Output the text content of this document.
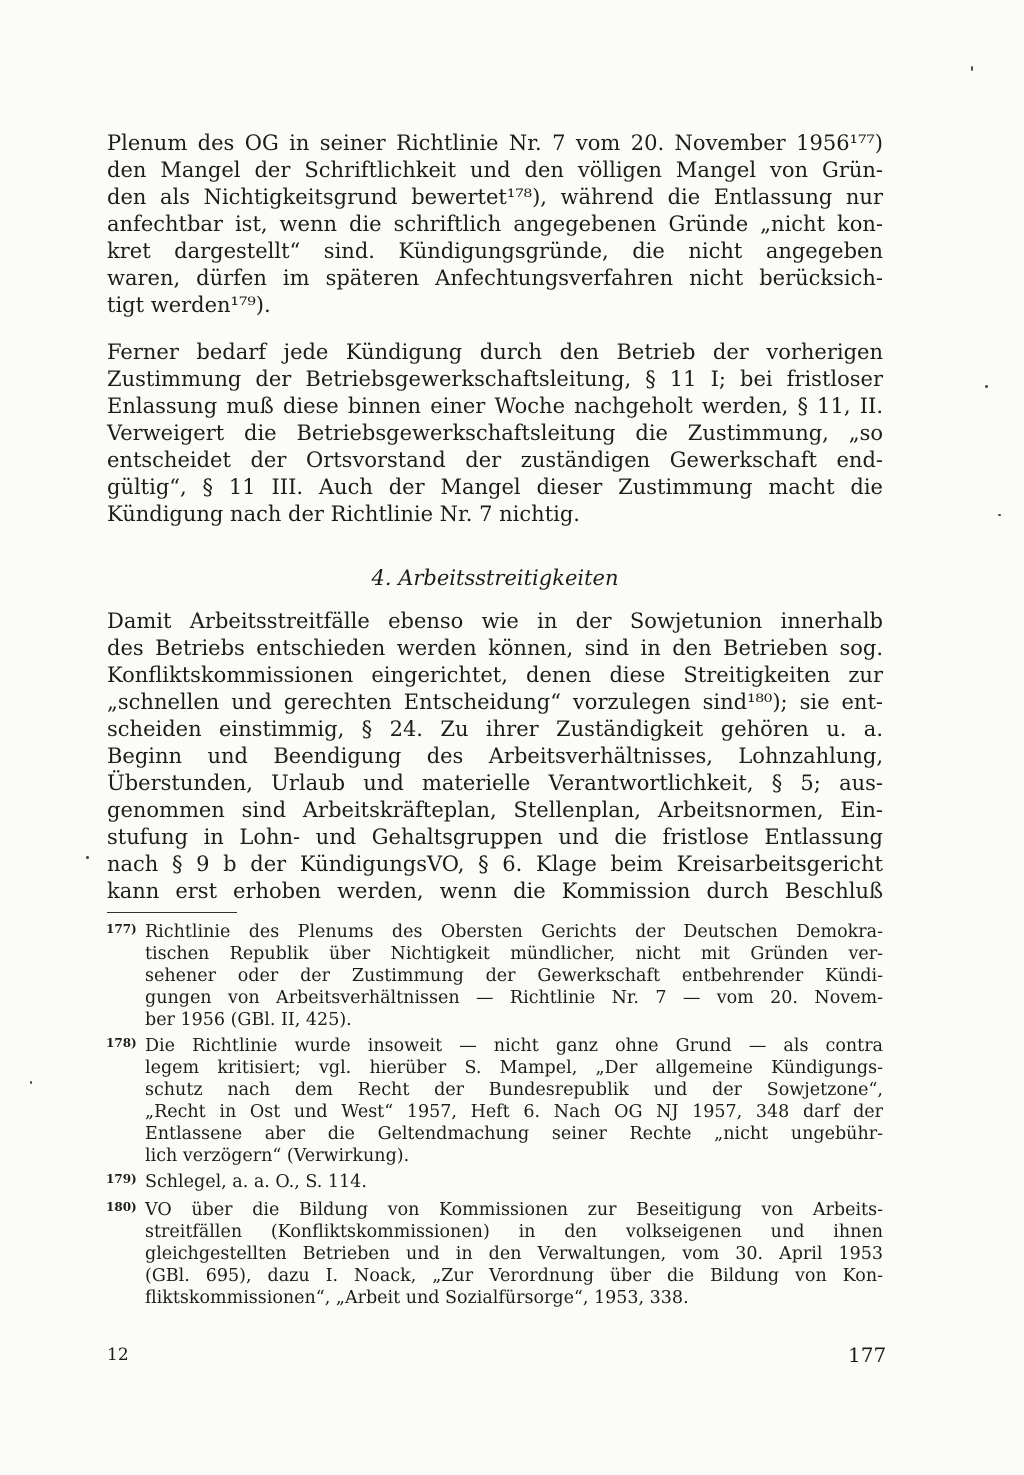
Plenum des OG in seiner Richtlinie Nr. 7 vom 20. November 1956¹⁷⁷)
den Mangel der Schriftlichkeit und den völligen Mangel von Grün-
den als Nichtigkeitsgrund bewertet¹⁷⁸), während die Entlassung nur
anfechtbar ist, wenn die schriftlich angegebenen Gründe „nicht kon-
kret dargestellt“ sind. Kündigungsgründe, die nicht angegeben
waren, dürfen im späteren Anfechtungsverfahren nicht berücksich-
tigt werden¹⁷⁹).
Ferner bedarf jede Kündigung durch den Betrieb der vorherigen
Zustimmung der Betriebsgewerkschaftsleitung, § 11 I; bei fristloser
Enlassung muß diese binnen einer Woche nachgeholt werden, § 11, II.
Verweigert die Betriebsgewerkschaftsleitung die Zustimmung, „so
entscheidet der Ortsvorstand der zuständigen Gewerkschaft end-
gültig“, § 11 III. Auch der Mangel dieser Zustimmung macht die
Kündigung nach der Richtlinie Nr. 7 nichtig.
4. Arbeitsstreitigkeiten
Damit Arbeitsstreitfälle ebenso wie in der Sowjetunion innerhalb
des Betriebs entschieden werden können, sind in den Betrieben sog.
Konfliktskommissionen eingerichtet, denen diese Streitigkeiten zur
„schnellen und gerechten Entscheidung“ vorzulegen sind¹⁸⁰); sie ent-
scheiden einstimmig, § 24. Zu ihrer Zuständigkeit gehören u. a.
Beginn und Beendigung des Arbeitsverhältnisses, Lohnzahlung,
Überstunden, Urlaub und materielle Verantwortlichkeit, § 5; aus-
genommen sind Arbeitskräfteplan, Stellenplan, Arbeitsnormen, Ein-
stufung in Lohn- und Gehaltsgruppen und die fristlose Entlassung
nach § 9 b der KündigungsVO, § 6. Klage beim Kreisarbeitsgericht
kann erst erhoben werden, wenn die Kommission durch Beschluß
177) Richtlinie des Plenums des Obersten Gerichts der Deutschen Demokra-
tischen Republik über Nichtigkeit mündlicher, nicht mit Gründen ver-
sehener oder der Zustimmung der Gewerkschaft entbehrender Kündi-
gungen von Arbeitsverhältnissen — Richtlinie Nr. 7 — vom 20. Novem-
ber 1956 (GBl. II, 425).
178) Die Richtlinie wurde insoweit — nicht ganz ohne Grund — als contra
legem kritisiert; vgl. hierüber S. Mampel, „Der allgemeine Kündigungs-
schutz nach dem Recht der Bundesrepublik und der Sowjetzone“,
„Recht in Ost und West“ 1957, Heft 6. Nach OG NJ 1957, 348 darf der
Entlassene aber die Geltendmachung seiner Rechte „nicht ungebühr-
lich verzögern“ (Verwirkung).
179) Schlegel, a. a. O., S. 114.
180) VO über die Bildung von Kommissionen zur Beseitigung von Arbeits-
streitfällen (Konfliktskommissionen) in den volkseigenen und ihnen
gleichgestellten Betrieben und in den Verwaltungen, vom 30. April 1953
(GBl. 695), dazu I. Noack, „Zur Verordnung über die Bildung von Kon-
fliktskommissionen“, „Arbeit und Sozialfürsorge“, 1953, 338.
12	177
